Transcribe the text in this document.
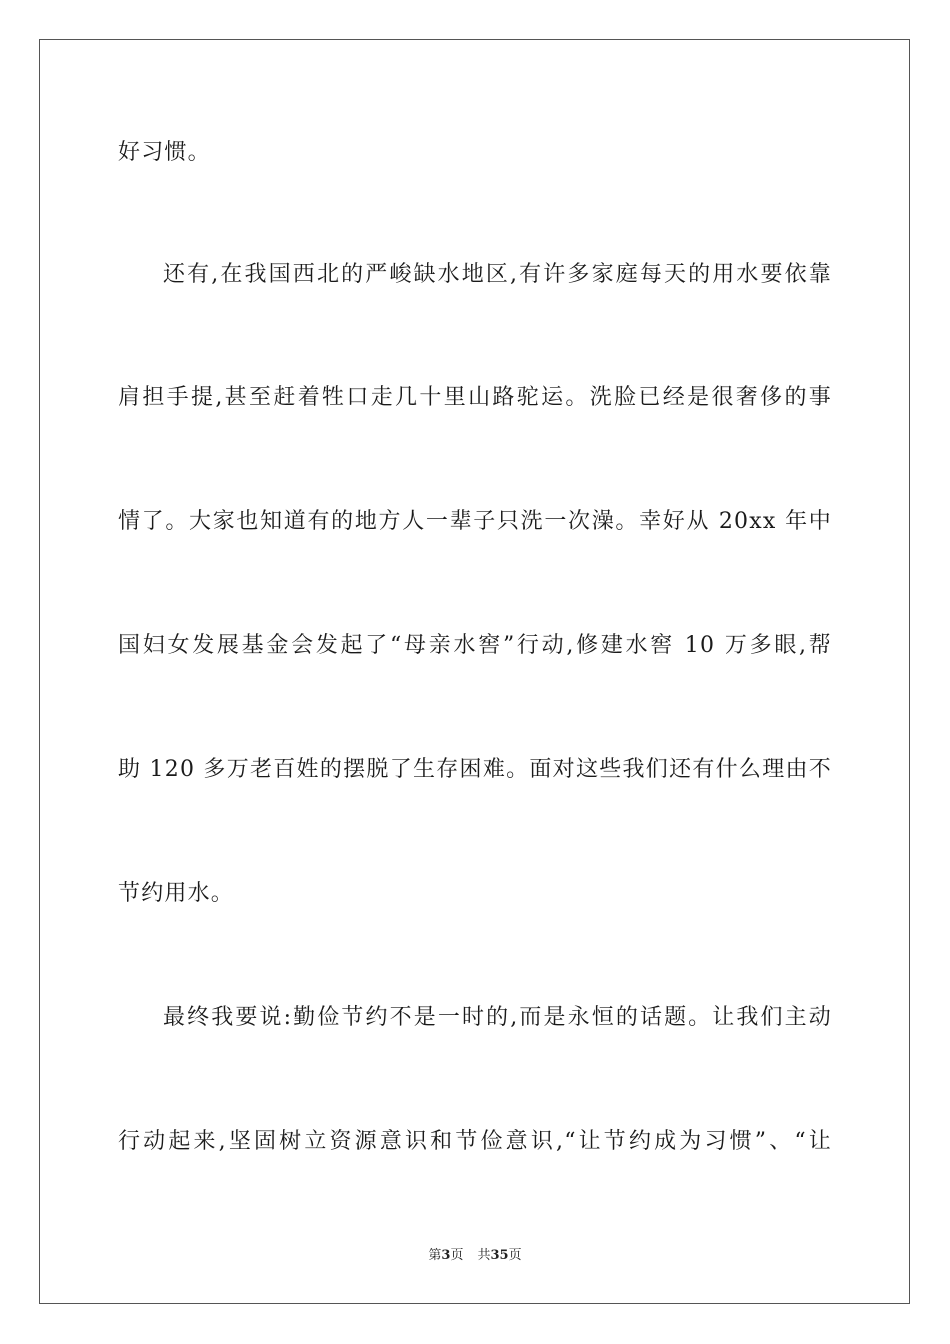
好习惯。
还有,在我国西北的严峻缺水地区,有许多家庭每天的用水要依靠
肩担手提,甚至赶着牲口走几十里山路驼运。洗脸已经是很奢侈的事
情了。大家也知道有的地方人一辈子只洗一次澡。幸好从 20xx 年中
国妇女发展基金会发起了“母亲水窖”行动,修建水窖 10 万多眼,帮
助 120 多万老百姓的摆脱了生存困难。面对这些我们还有什么理由不
节约用水。
最终我要说:勤俭节约不是一时的,而是永恒的话题。让我们主动
行动起来,坚固树立资源意识和节俭意识,“让节约成为习惯”、“让
第3页 共35页
